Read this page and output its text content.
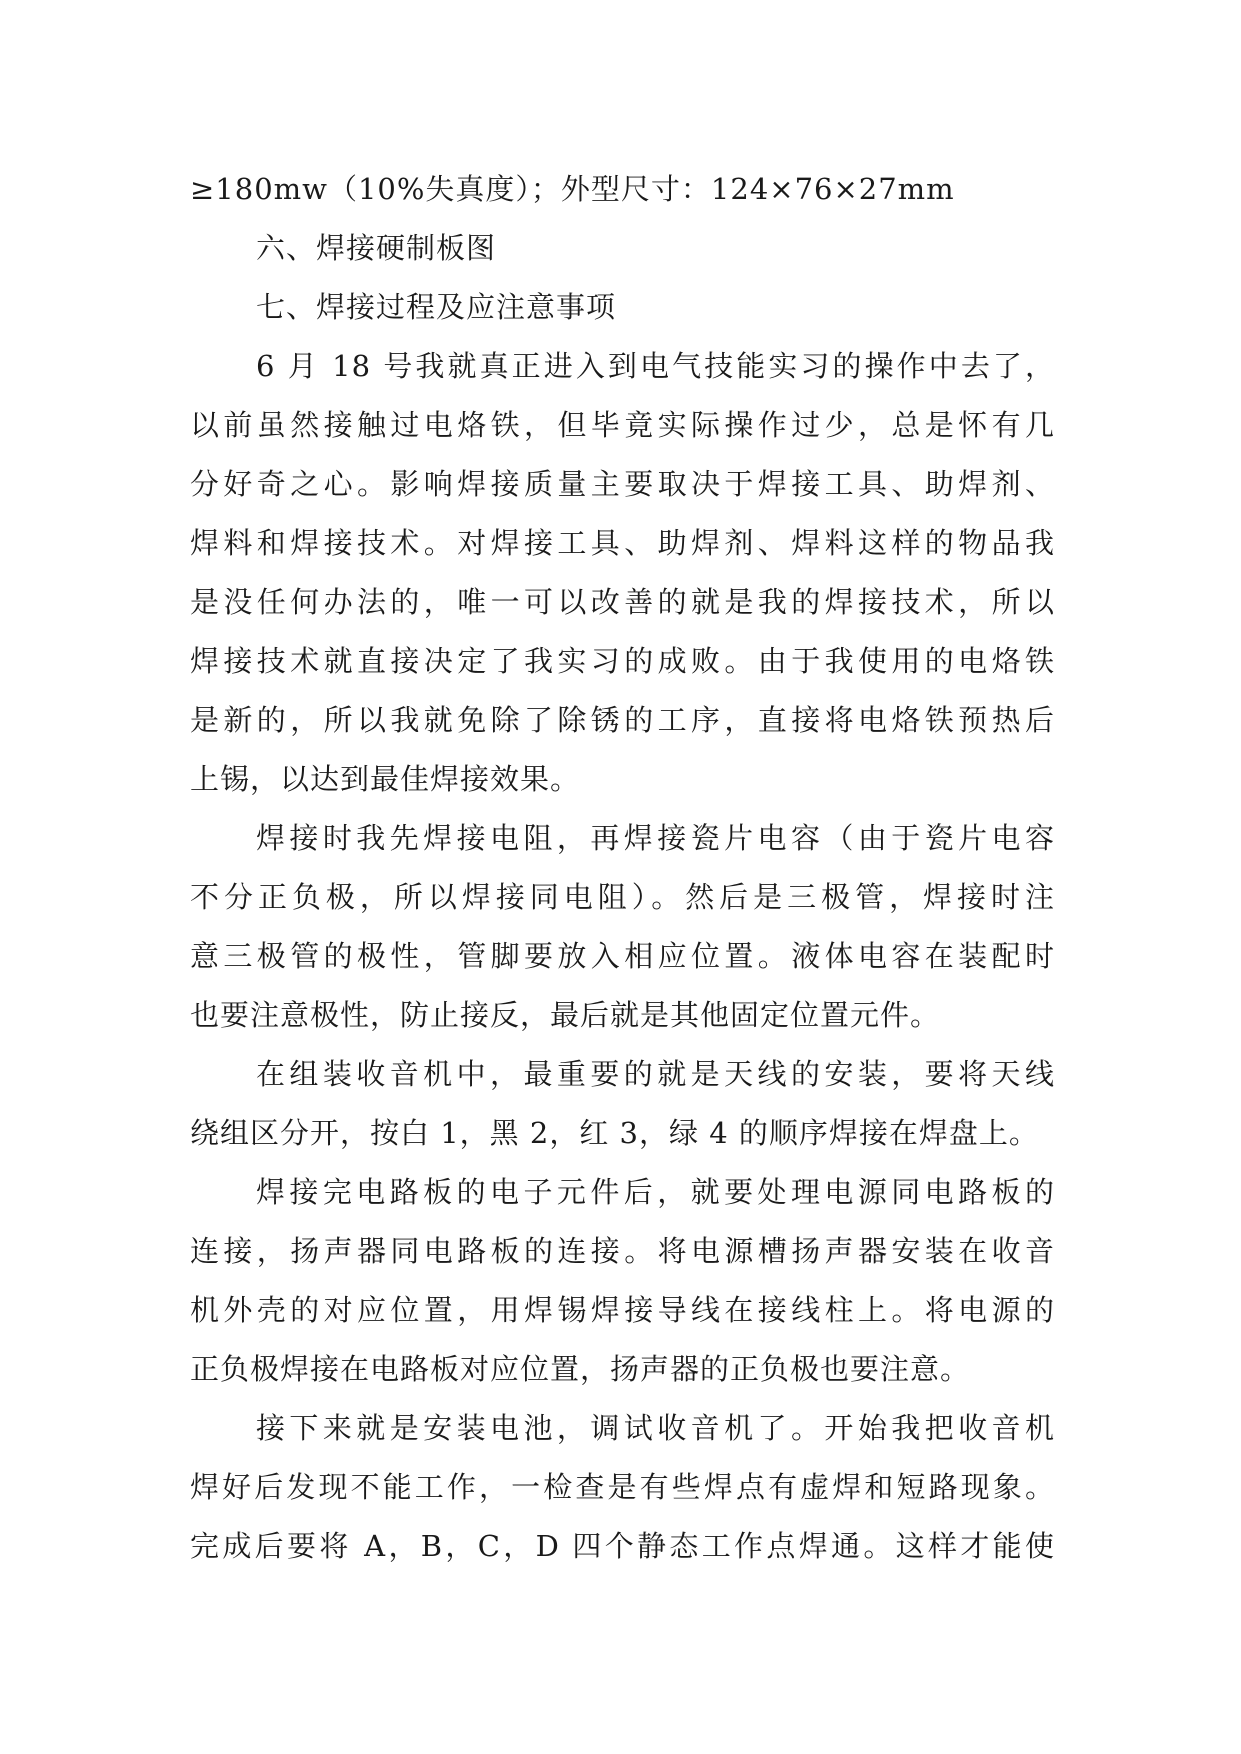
≥180mw（10%失真度）；外型尺寸：124×76×27mm
六、焊接硬制板图
七、焊接过程及应注意事项
6 月 18 号我就真正进入到电气技能实习的操作中去了，
以前虽然接触过电烙铁，但毕竟实际操作过少，总是怀有几
分好奇之心。影响焊接质量主要取决于焊接工具、助焊剂、
焊料和焊接技术。对焊接工具、助焊剂、焊料这样的物品我
是没任何办法的，唯一可以改善的就是我的焊接技术，所以
焊接技术就直接决定了我实习的成败。由于我使用的电烙铁
是新的，所以我就免除了除锈的工序，直接将电烙铁预热后
上锡，以达到最佳焊接效果。
焊接时我先焊接电阻，再焊接瓷片电容（由于瓷片电容
不分正负极，所以焊接同电阻）。然后是三极管，焊接时注
意三极管的极性，管脚要放入相应位置。液体电容在装配时
也要注意极性，防止接反，最后就是其他固定位置元件。
在组装收音机中，最重要的就是天线的安装，要将天线
绕组区分开，按白 1，黑 2，红 3，绿 4 的顺序焊接在焊盘上。
焊接完电路板的电子元件后，就要处理电源同电路板的
连接，扬声器同电路板的连接。将电源槽扬声器安装在收音
机外壳的对应位置，用焊锡焊接导线在接线柱上。将电源的
正负极焊接在电路板对应位置，扬声器的正负极也要注意。
接下来就是安装电池，调试收音机了。开始我把收音机
焊好后发现不能工作，一检查是有些焊点有虚焊和短路现象。
完成后要将 A，B，C，D 四个静态工作点焊通。这样才能使
